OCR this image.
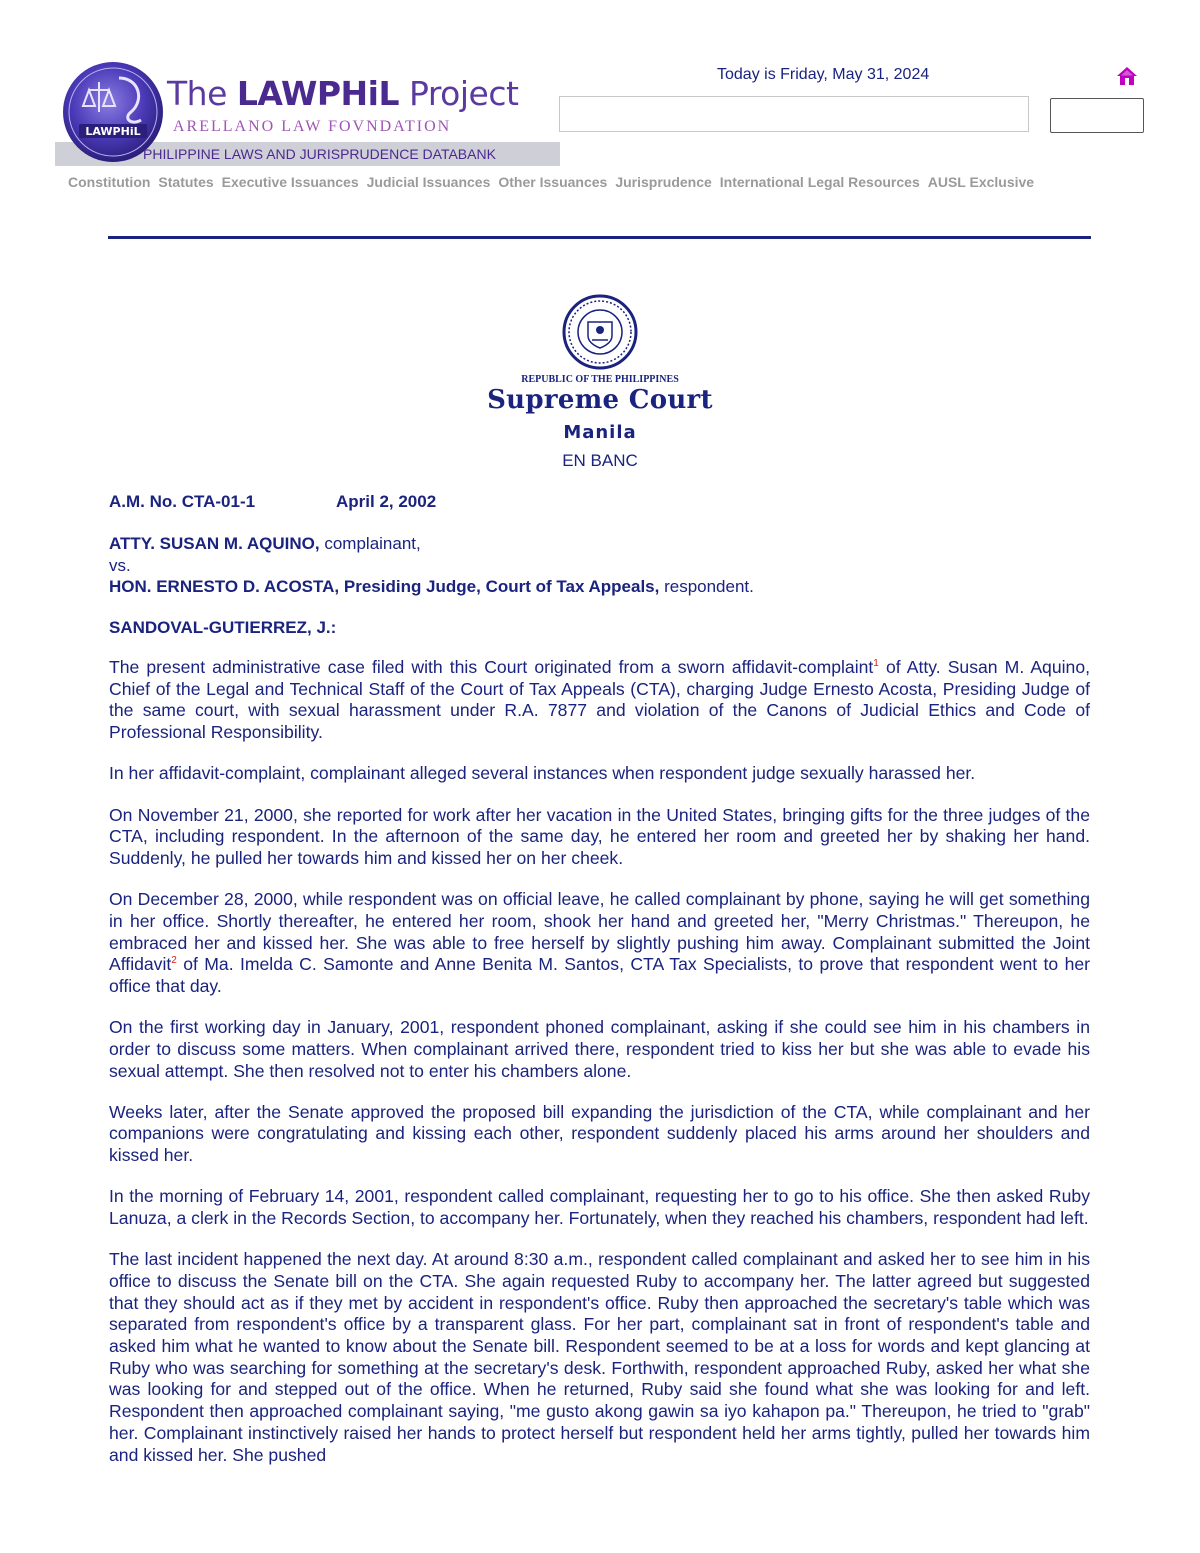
LAWPHiL
The LAWPHiL Project
ARELLANO LAW FOVNDATION
PHILIPPINE LAWS AND JURISPRUDENCE DATABANK
Today is Friday, May 31, 2024
Constitution Statutes Executive Issuances Judicial Issuances Other Issuances Jurisprudence International Legal Resources AUSL Exclusive
REPUBLIC OF THE PHILIPPINES
Supreme Court
Manila
EN BANC
A.M. No. CTA-01-1	April 2, 2002
ATTY. SUSAN M. AQUINO, complainant,
vs.
HON. ERNESTO D. ACOSTA, Presiding Judge, Court of Tax Appeals, respondent.
SANDOVAL-GUTIERREZ, J.:

The present administrative case filed with this Court originated from a sworn affidavit-complaint$^1$ of Atty. Susan M. Aquino, Chief of the Legal and Technical Staff of the Court of Tax Appeals (CTA), charging Judge Ernesto Acosta, Presiding Judge of the same court, with sexual harassment under R.A. 7877 and violation of the Canons of Judicial Ethics and Code of Professional Responsibility.

In her affidavit-complaint, complainant alleged several instances when respondent judge sexually harassed her.

On November 21, 2000, she reported for work after her vacation in the United States, bringing gifts for the three judges of the CTA, including respondent. In the afternoon of the same day, he entered her room and greeted her by shaking her hand. Suddenly, he pulled her towards him and kissed her on her cheek.

On December 28, 2000, while respondent was on official leave, he called complainant by phone, saying he will get something in her office. Shortly thereafter, he entered her room, shook her hand and greeted her, "Merry Christmas." Thereupon, he embraced her and kissed her. She was able to free herself by slightly pushing him away. Complainant submitted the Joint Affidavit$^2$ of Ma. Imelda C. Samonte and Anne Benita M. Santos, CTA Tax Specialists, to prove that respondent went to her office that day.

On the first working day in January, 2001, respondent phoned complainant, asking if she could see him in his chambers in order to discuss some matters. When complainant arrived there, respondent tried to kiss her but she was able to evade his sexual attempt. She then resolved not to enter his chambers alone.

Weeks later, after the Senate approved the proposed bill expanding the jurisdiction of the CTA, while complainant and her companions were congratulating and kissing each other, respondent suddenly placed his arms around her shoulders and kissed her.

In the morning of February 14, 2001, respondent called complainant, requesting her to go to his office. She then asked Ruby Lanuza, a clerk in the Records Section, to accompany her. Fortunately, when they reached his chambers, respondent had left.

The last incident happened the next day. At around 8:30 a.m., respondent called complainant and asked her to see him in his office to discuss the Senate bill on the CTA. She again requested Ruby to accompany her. The latter agreed but suggested that they should act as if they met by accident in respondent's office. Ruby then approached the secretary's table which was separated from respondent's office by a transparent glass. For her part, complainant sat in front of respondent's table and asked him what he wanted to know about the Senate bill. Respondent seemed to be at a loss for words and kept glancing at Ruby who was searching for something at the secretary's desk. Forthwith, respondent approached Ruby, asked her what she was looking for and stepped out of the office. When he returned, Ruby said she found what she was looking for and left. Respondent then approached complainant saying, "me gusto akong gawin sa iyo kahapon pa." Thereupon, he tried to "grab" her. Complainant instinctively raised her hands to protect herself but respondent held her arms tightly, pulled her towards him and kissed her. She pushed
